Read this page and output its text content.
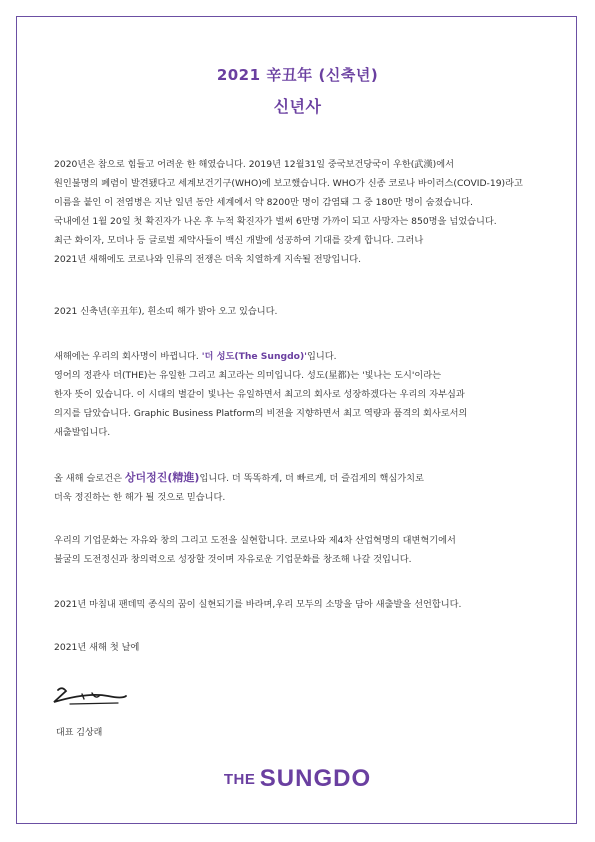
2021 辛丑年 (신축년)
신년사

2020년은 참으로 힘들고 어려운 한 해였습니다. 2019년 12월31일 중국보건당국이 우한(武漢)에서

원인불명의 폐렴이 발견됐다고 세계보건기구(WHO)에 보고했습니다. WHO가 신종 코로나 바이러스(COVID-19)라고

이름을 붙인 이 전염병은 지난 일년 동안 세계에서 약 8200만 명이 감염돼 그 중 180만 명이 숨졌습니다.

국내에선 1월 20일 첫 확진자가 나온 후 누적 확진자가 벌써 6만명 가까이 되고 사망자는 850명을 넘었습니다.

최근 화이자, 모더나 등 글로벌 제약사들이 백신 개발에 성공하여 기대를 갖게 합니다. 그러나

2021년 새해에도 코로나와 인류의 전쟁은 더욱 치열하게 지속될 전망입니다.

2021 신축년(辛丑年), 흰소띠 해가 밝아 오고 있습니다.

새해에는 우리의 회사명이 바뀝니다. '더 성도(The Sungdo)'입니다.

영어의 정관사 더(THE)는 유일한 그리고 최고라는 의미입니다. 성도(星都)는 '빛나는 도시'이라는

한자 뜻이 있습니다. 이 시대의 별같이 빛나는 유일하면서 최고의 회사로 성장하겠다는 우리의 자부심과

의지를 담았습니다. Graphic Business Platform의 비전을 지향하면서 최고 역량과 품격의 회사로서의

새출발입니다.

올 새해 슬로건은 상더정진(精進)입니다. 더 똑똑하게, 더 빠르게, 더 즐겁게의 핵심가치로

더욱 정진하는 한 해가 될 것으로 믿습니다.

우리의 기업문화는 자유와 창의 그리고 도전을 실현합니다. 코로나와 제4차 산업혁명의 대변혁기에서

불굴의 도전정신과 창의력으로 성장할 것이며 자유로운 기업문화를 창조해 나갈 것입니다.

2021년 마침내 팬데믹 종식의 꿈이 실현되기를 바라며,우리 모두의 소망을 담아 새출발을 선언합니다.

2021년 새해 첫 날에

대표 김상래
THE SUNGDO
